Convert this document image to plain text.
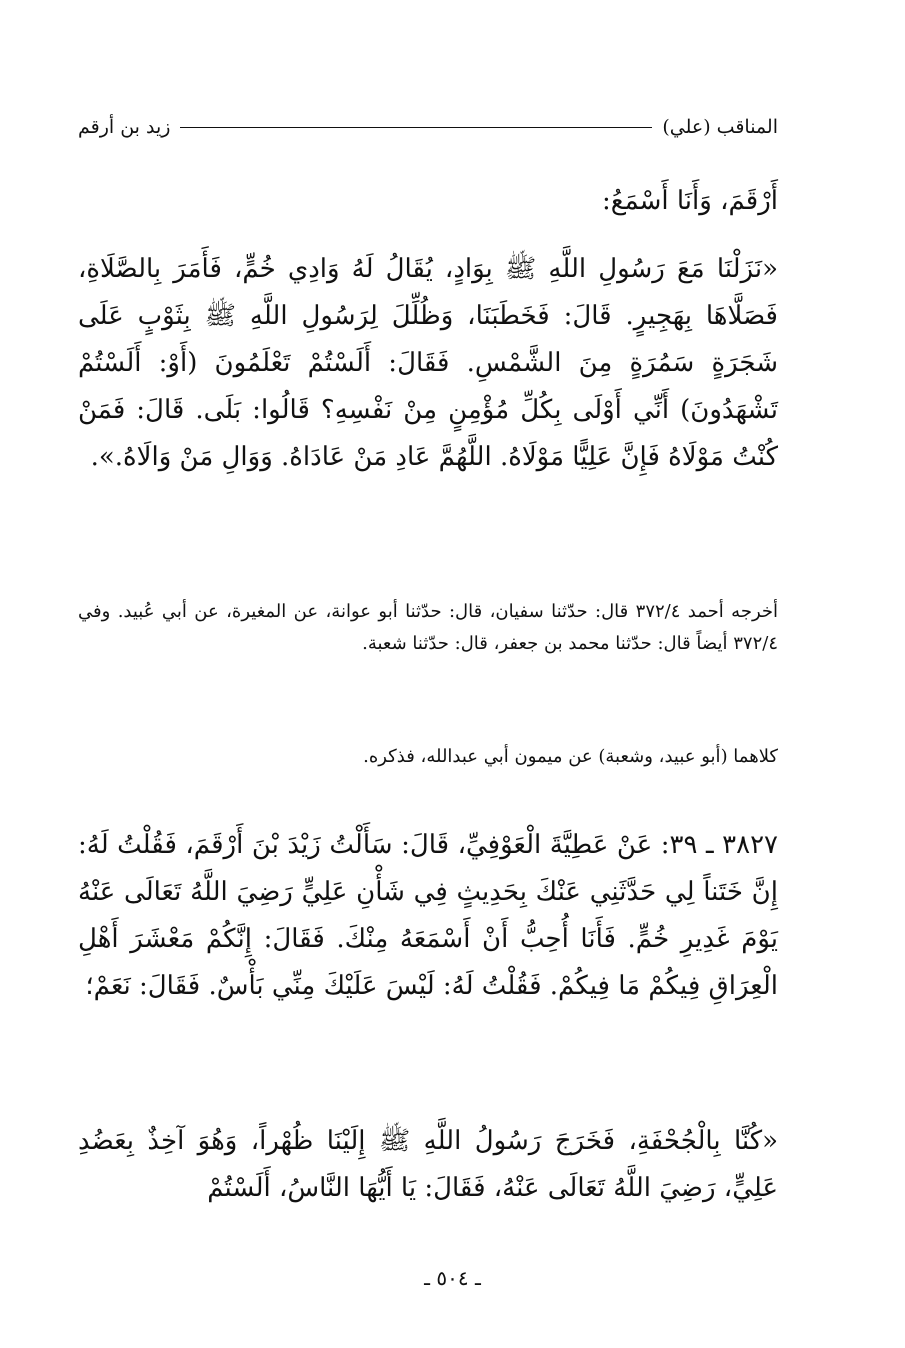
المناقب (علي)
زيد بن أرقم

أَرْقَمَ، وَأَنَا أَسْمَعُ:

«نَزَلْنَا مَعَ رَسُولِ اللَّهِ ﷺ بِوَادٍ، يُقَالُ لَهُ وَادِي خُمٍّ، فَأَمَرَ بِالصَّلَاةِ، فَصَلَّاهَا بِهَجِيرٍ. قَالَ: فَخَطَبَنَا، وَظُلِّلَ لِرَسُولِ اللَّهِ ﷺ بِثَوْبٍ عَلَى شَجَرَةٍ سَمُرَةٍ مِنَ الشَّمْسِ. فَقَالَ: أَلَسْتُمْ تَعْلَمُونَ (أَوْ: أَلَسْتُمْ تَشْهَدُونَ) أَنِّي أَوْلَى بِكُلِّ مُؤْمِنٍ مِنْ نَفْسِهِ؟ قَالُوا: بَلَى. قَالَ: فَمَنْ كُنْتُ مَوْلَاهُ فَإِنَّ عَلِيًّا مَوْلَاهُ. اللَّهُمَّ عَادِ مَنْ عَادَاهُ. وَوَالِ مَنْ وَالَاهُ.».

أخرجه أحمد ٣٧٢/٤ قال: حدّثنا سفيان، قال: حدّثنا أبو عوانة، عن المغيرة، عن أبي عُبيد. وفي ٣٧٢/٤ أيضاً قال: حدّثنا محمد بن جعفر، قال: حدّثنا شعبة.

كلاهما (أبو عبيد، وشعبة) عن ميمون أبي عبدالله، فذكره.

٣٨٢٧ ـ ٣٩: عَنْ عَطِيَّةَ الْعَوْفِيِّ، قَالَ: سَأَلْتُ زَيْدَ بْنَ أَرْقَمَ، فَقُلْتُ لَهُ: إِنَّ خَتَناً لِي حَدَّثَنِي عَنْكَ بِحَدِيثٍ فِي شَأْنِ عَلِيٍّ رَضِيَ اللَّهُ تَعَالَى عَنْهُ يَوْمَ غَدِيرِ خُمٍّ. فَأَنَا أُحِبُّ أَنْ أَسْمَعَهُ مِنْكَ. فَقَالَ: إِنَّكُمْ مَعْشَرَ أَهْلِ الْعِرَاقِ فِيكُمْ مَا فِيكُمْ. فَقُلْتُ لَهُ: لَيْسَ عَلَيْكَ مِنِّي بَأْسٌ. فَقَالَ: نَعَمْ؛

«كُنَّا بِالْجُحْفَةِ، فَخَرَجَ رَسُولُ اللَّهِ ﷺ إِلَيْنَا ظُهْراً، وَهُوَ آخِذٌ بِعَضُدِ عَلِيٍّ، رَضِيَ اللَّهُ تَعَالَى عَنْهُ، فَقَالَ: يَا أَيُّهَا النَّاسُ، أَلَسْتُمْ

ـ ٥٠٤ ـ
